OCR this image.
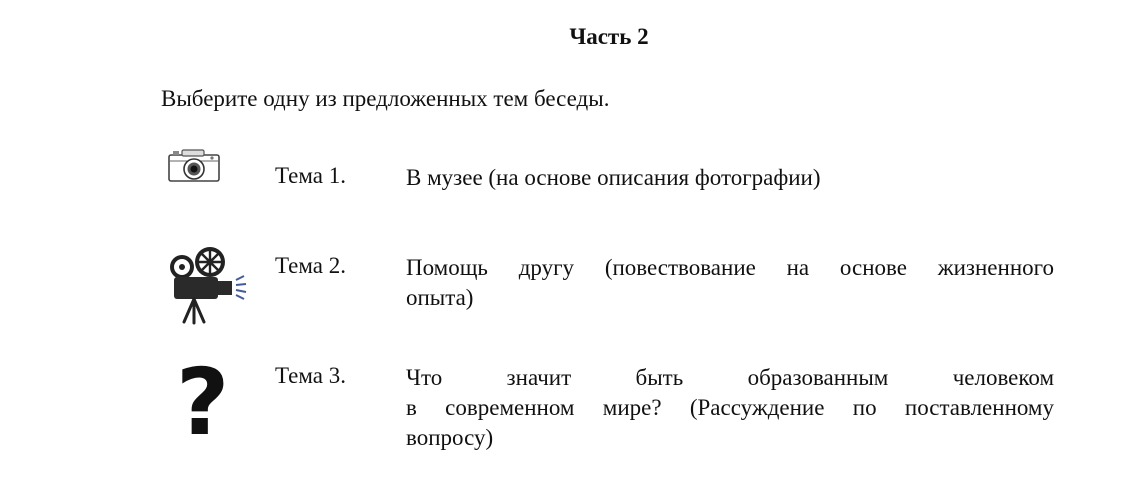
Часть 2
Выберите одну из предложенных тем беседы.
Тема 1.	В музее (на основе описания фотографии)
Тема 2.	Помощь другу (повествование на основе жизненного
опыта)
? Тема 3.	Что значит быть образованным человеком
в современном мире? (Рассуждение по поставленному
вопросу)
